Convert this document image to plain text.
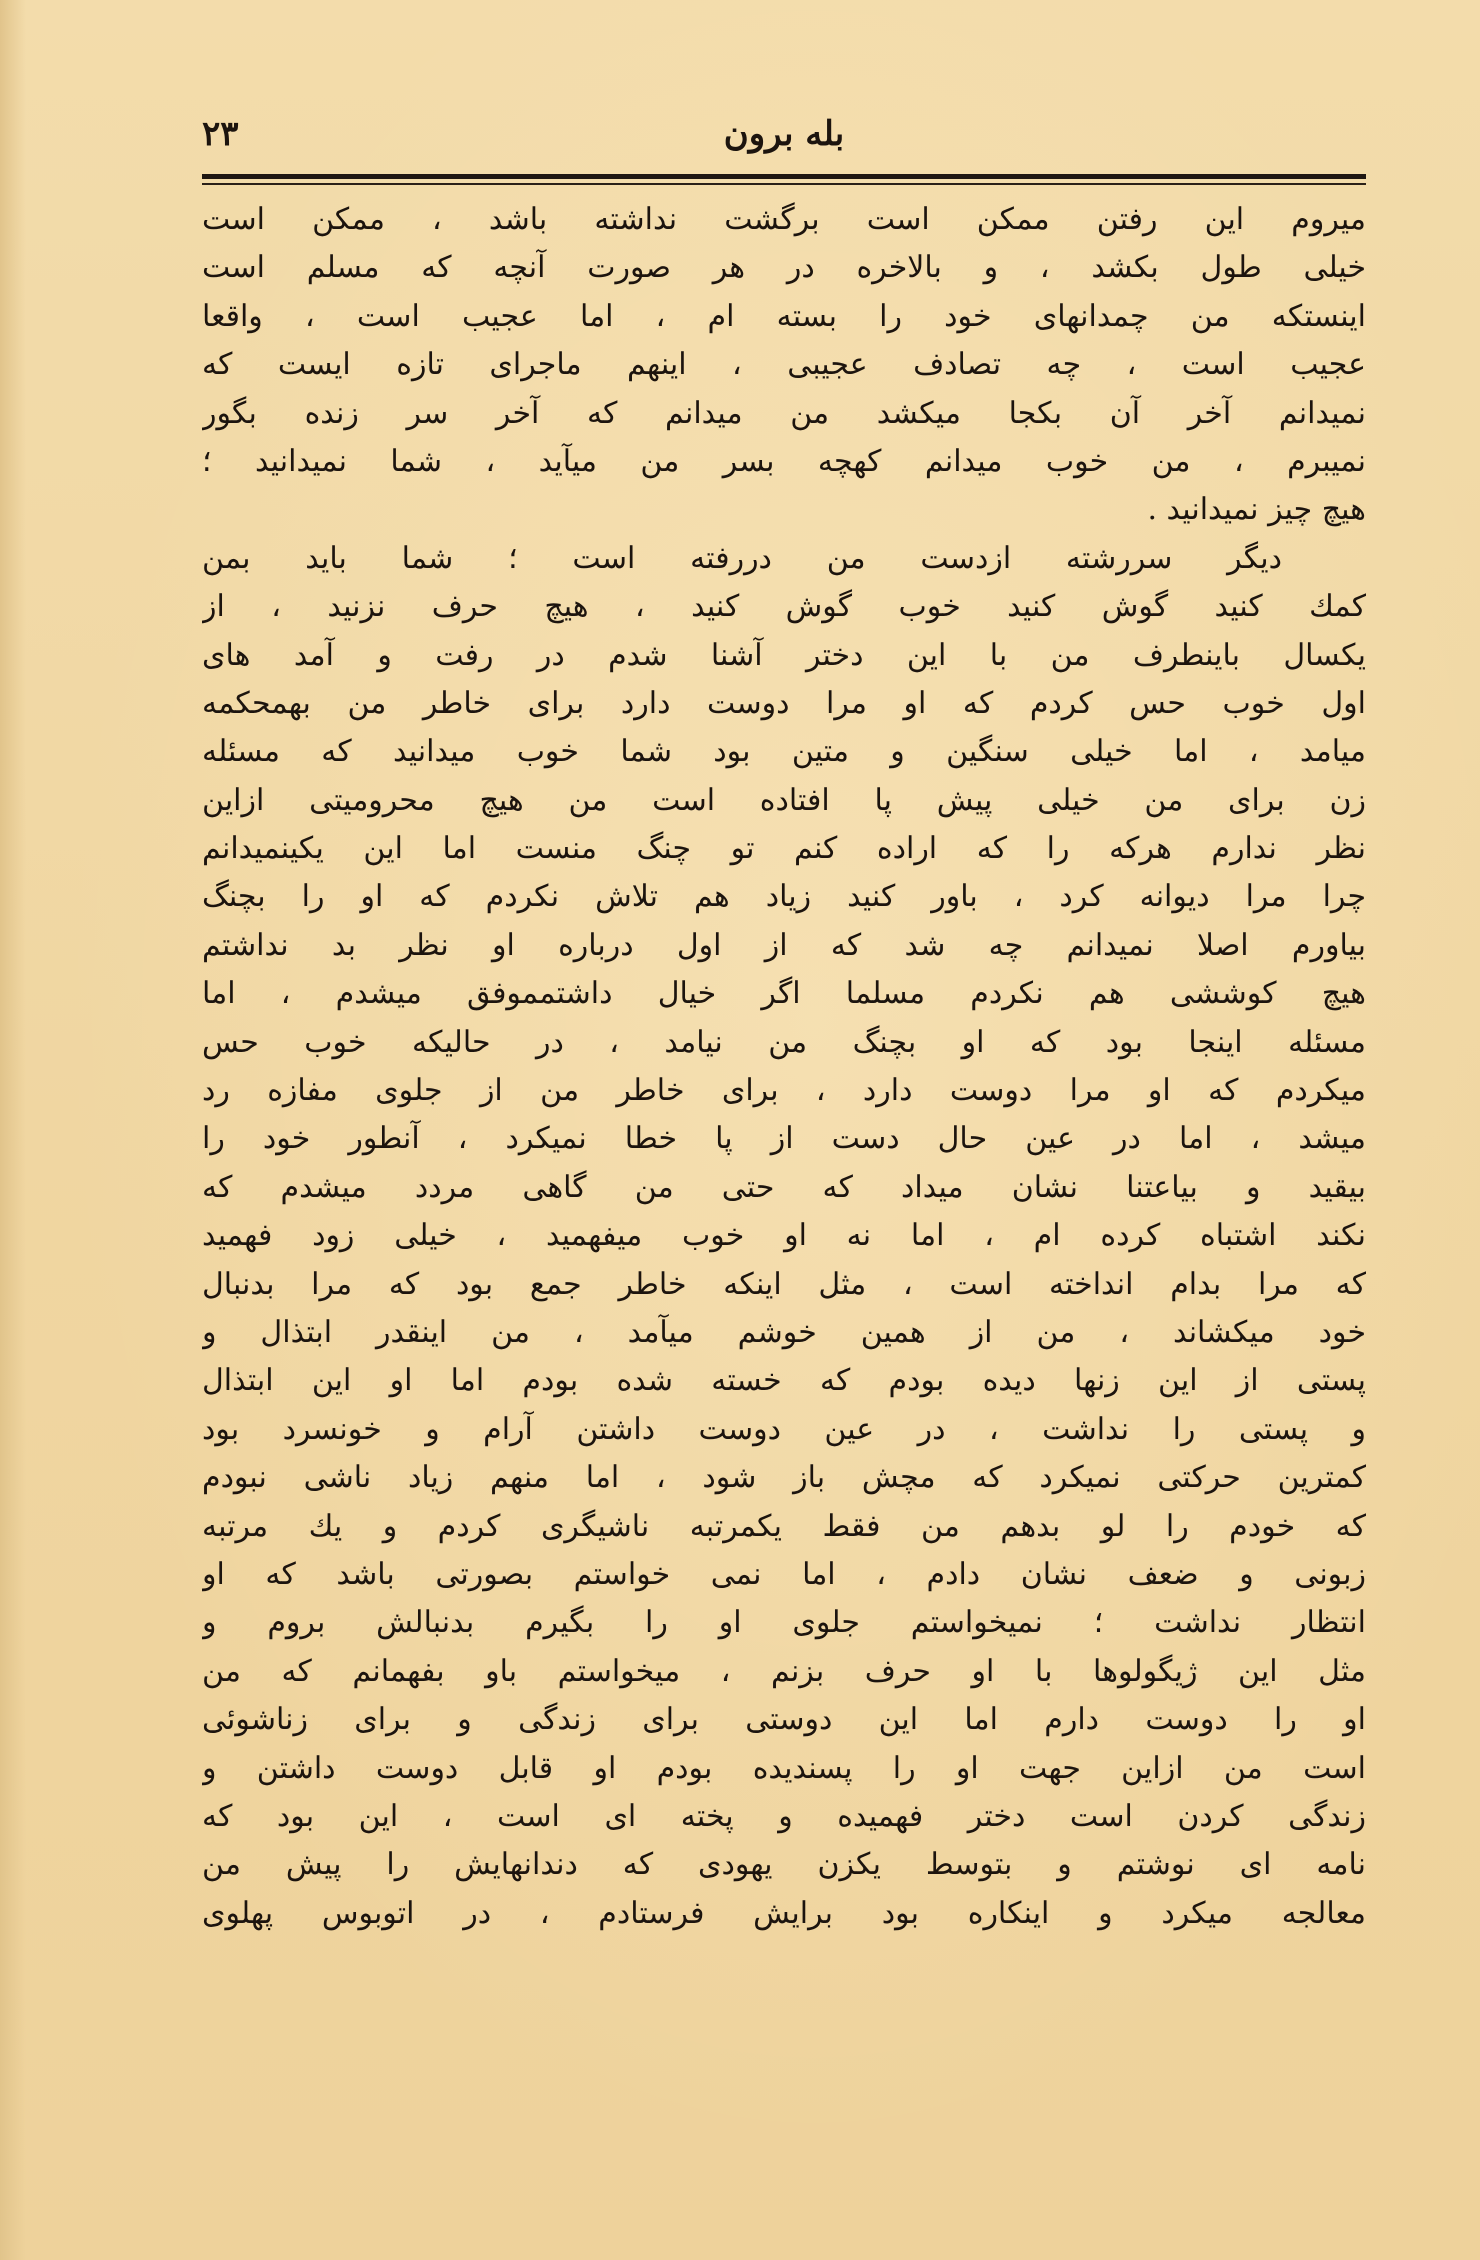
بله برون
۲۳
میروم این رفتن ممکن است برگشت نداشته باشد ، ممکن است
خیلی طول بکشد ، و بالاخره در هر صورت آنچه که مسلم است
اینستکه من چمدانهای خود را بسته ام ، اما عجیب است ، واقعا
عجیب است ، چه تصادف عجیبی ، اینهم ماجرای تازه ایست که
نمیدانم آخر آن بکجا میکشد من میدانم که آخر سر زنده بگور
نمیبرم ، من خوب میدانم کهچه بسر من میآید ، شما نمیدانید ؛
هیچ چیز نمیدانید .
دیگر سررشته ازدست من دررفته است ؛ شما باید بمن
کمك کنید گوش کنید خوب گوش کنید ، هیچ حرف نزنید ، از
یکسال باینطرف من با این دختر آشنا شدم در رفت و آمد های
اول خوب حس کردم که او مرا دوست دارد برای خاطر من بهمحکمه
میامد ، اما خیلی سنگین و متین بود شما خوب میدانید که مسئله
زن برای من خیلی پیش پا افتاده است من هیچ محرومیتی ازاین
نظر ندارم هرکه را که اراده کنم تو چنگ منست اما این یکینمیدانم
چرا مرا دیوانه کرد ، باور کنید زیاد هم تلاش نکردم که او را بچنگ
بیاورم اصلا نمیدانم چه شد که از اول درباره او نظر بد نداشتم
هیچ کوششی هم نکردم مسلما اگر خیال داشتمموفق میشدم ، اما
مسئله اینجا بود که او بچنگ من نیامد ، در حالیکه خوب حس
میکردم که او مرا دوست دارد ، برای خاطر من از جلوی مفازه رد
میشد ، اما در عین حال دست از پا خطا نمیکرد ، آنطور خود را
بیقید و بیاعتنا نشان میداد که حتی من گاهی مردد میشدم که
نکند اشتباه کرده ام ، اما نه او خوب میفهمید ، خیلی زود فهمید
که مرا بدام انداخته است ، مثل اینکه خاطر جمع بود که مرا بدنبال
خود میکشاند ، من از همین خوشم میآمد ، من اینقدر ابتذال و
پستی از این زنها دیده بودم که خسته شده بودم اما او این ابتذال
و پستی را نداشت ، در عین دوست داشتن آرام و خونسرد بود
کمترین حرکتی نمیکرد که مچش باز شود ، اما منهم زیاد ناشی نبودم
که خودم را لو بدهم من فقط یکمرتبه ناشیگری کردم و یك مرتبه
زبونی و ضعف نشان دادم ، اما نمی خواستم بصورتی باشد که او
انتظار نداشت ؛ نمیخواستم جلوی او را بگیرم بدنبالش بروم و
مثل این ژیگولوها با او حرف بزنم ، میخواستم باو بفهمانم که من
او را دوست دارم اما این دوستی برای زندگی و برای زناشوئی
است من ازاین جهت او را پسندیده بودم او قابل دوست داشتن و
زندگی کردن است دختر فهمیده و پخته ای است ، این بود که
نامه ای نوشتم و بتوسط یکزن یهودی که دندانهایش را پیش من
معالجه میکرد و اینکاره بود برایش فرستادم ، در اتوبوس پهلوی
